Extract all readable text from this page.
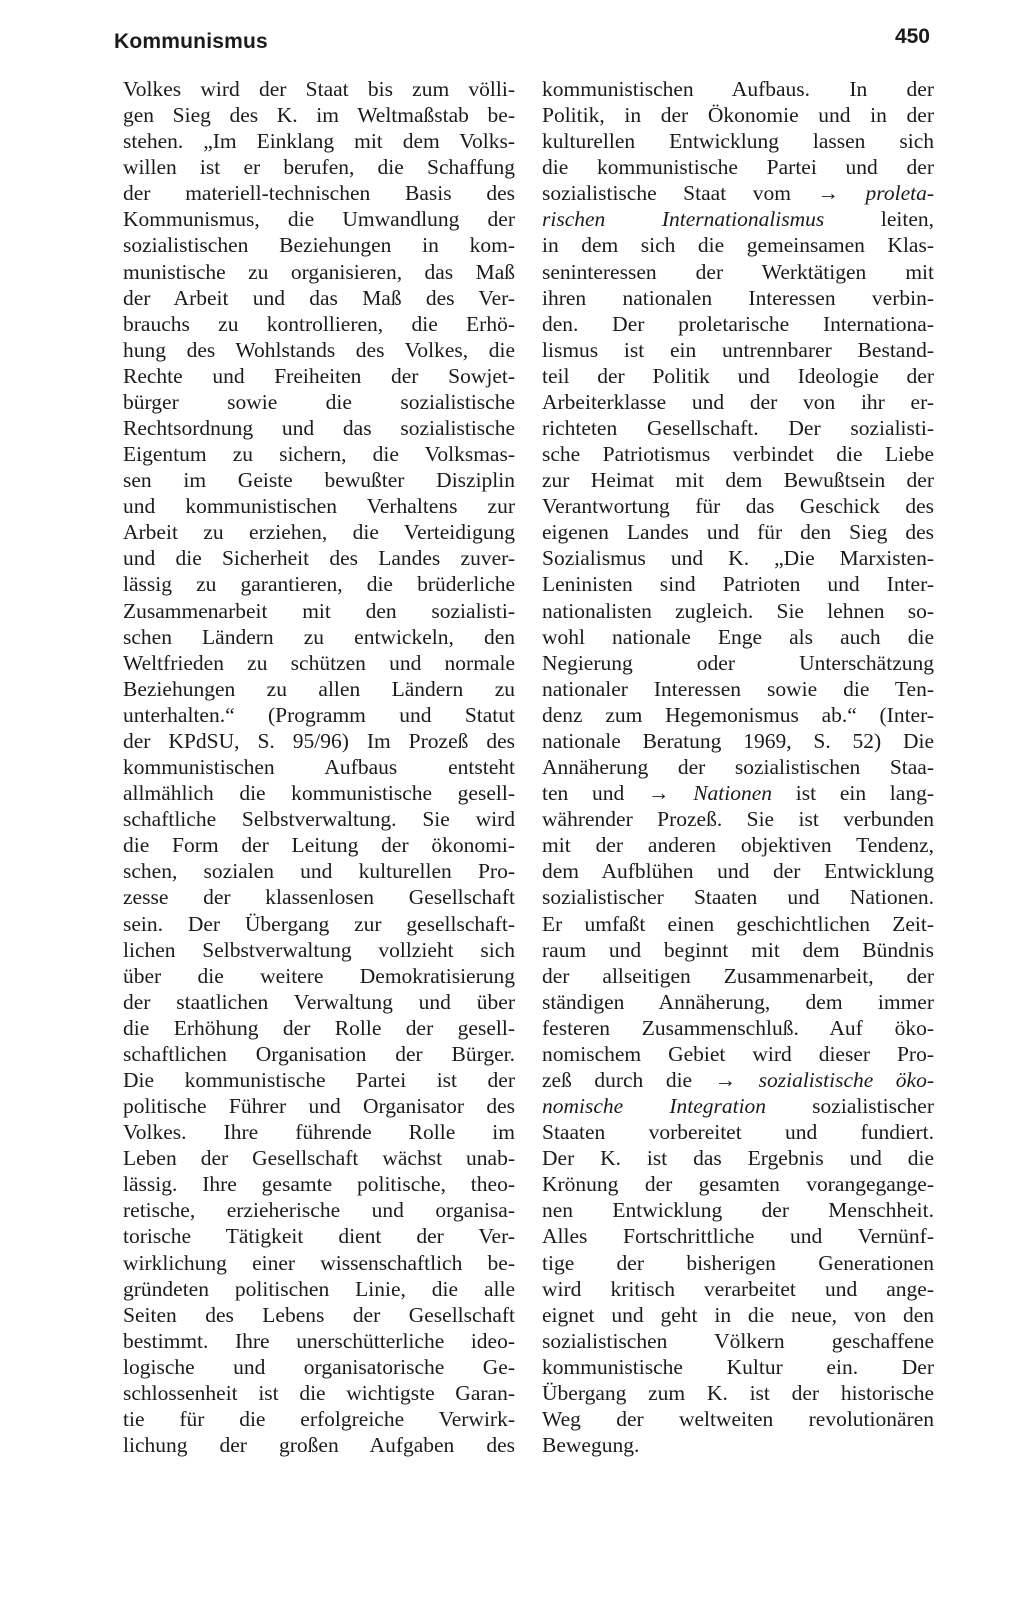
Kommunismus	450
Volkes wird der Staat bis zum völli-
gen Sieg des K. im Weltmaßstab be-
stehen. „Im Einklang mit dem Volks-
willen ist er berufen, die Schaffung
der materiell-technischen Basis des
Kommunismus, die Umwandlung der
sozialistischen Beziehungen in kom-
munistische zu organisieren, das Maß
der Arbeit und das Maß des Ver-
brauchs zu kontrollieren, die Erhö-
hung des Wohlstands des Volkes, die
Rechte und Freiheiten der Sowjet-
bürger sowie die sozialistische
Rechtsordnung und das sozialistische
Eigentum zu sichern, die Volksmas-
sen im Geiste bewußter Disziplin
und kommunistischen Verhaltens zur
Arbeit zu erziehen, die Verteidigung
und die Sicherheit des Landes zuver-
lässig zu garantieren, die brüderliche
Zusammenarbeit mit den sozialisti-
schen Ländern zu entwickeln, den
Weltfrieden zu schützen und normale
Beziehungen zu allen Ländern zu
unterhalten.“ (Programm und Statut
der KPdSU, S. 95/96) Im Prozeß des
kommunistischen Aufbaus entsteht
allmählich die kommunistische gesell-
schaftliche Selbstverwaltung. Sie wird
die Form der Leitung der ökonomi-
schen, sozialen und kulturellen Pro-
zesse der klassenlosen Gesellschaft
sein. Der Übergang zur gesellschaft-
lichen Selbstverwaltung vollzieht sich
über die weitere Demokratisierung
der staatlichen Verwaltung und über
die Erhöhung der Rolle der gesell-
schaftlichen Organisation der Bürger.
Die kommunistische Partei ist der
politische Führer und Organisator des
Volkes. Ihre führende Rolle im
Leben der Gesellschaft wächst unab-
lässig. Ihre gesamte politische, theo-
retische, erzieherische und organisa-
torische Tätigkeit dient der Ver-
wirklichung einer wissenschaftlich be-
gründeten politischen Linie, die alle
Seiten des Lebens der Gesellschaft
bestimmt. Ihre unerschütterliche ideo-
logische und organisatorische Ge-
schlossenheit ist die wichtigste Garan-
tie für die erfolgreiche Verwirk-
lichung der großen Aufgaben des
kommunistischen Aufbaus. In der
Politik, in der Ökonomie und in der
kulturellen Entwicklung lassen sich
die kommunistische Partei und der
sozialistische Staat vom → proleta-
rischen Internationalismus leiten,
in dem sich die gemeinsamen Klas-
seninteressen der Werktätigen mit
ihren nationalen Interessen verbin-
den. Der proletarische Internationa-
lismus ist ein untrennbarer Bestand-
teil der Politik und Ideologie der
Arbeiterklasse und der von ihr er-
richteten Gesellschaft. Der sozialisti-
sche Patriotismus verbindet die Liebe
zur Heimat mit dem Bewußtsein der
Verantwortung für das Geschick des
eigenen Landes und für den Sieg des
Sozialismus und K. „Die Marxisten-
Leninisten sind Patrioten und Inter-
nationalisten zugleich. Sie lehnen so-
wohl nationale Enge als auch die
Negierung oder Unterschätzung
nationaler Interessen sowie die Ten-
denz zum Hegemonismus ab.“ (Inter-
nationale Beratung 1969, S. 52) Die
Annäherung der sozialistischen Staa-
ten und → Nationen ist ein lang-
währender Prozeß. Sie ist verbunden
mit der anderen objektiven Tendenz,
dem Aufblühen und der Entwicklung
sozialistischer Staaten und Nationen.
Er umfaßt einen geschichtlichen Zeit-
raum und beginnt mit dem Bündnis
der allseitigen Zusammenarbeit, der
ständigen Annäherung, dem immer
festeren Zusammenschluß. Auf öko-
nomischem Gebiet wird dieser Pro-
zeß durch die → sozialistische öko-
nomische Integration sozialistischer
Staaten vorbereitet und fundiert.
Der K. ist das Ergebnis und die
Krönung der gesamten vorangegange-
nen Entwicklung der Menschheit.
Alles Fortschrittliche und Vernünf-
tige der bisherigen Generationen
wird kritisch verarbeitet und ange-
eignet und geht in die neue, von den
sozialistischen Völkern geschaffene
kommunistische Kultur ein. Der
Übergang zum K. ist der historische
Weg der weltweiten revolutionären
Bewegung.
